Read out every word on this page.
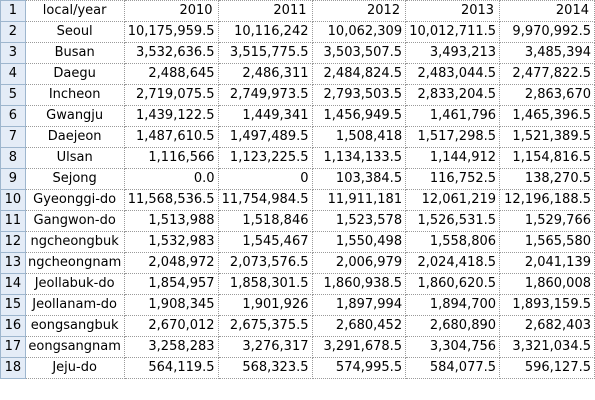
1	local/year	2010	2011	2012	2013	2014
2	Seoul	10,175,959.5	10,116,242	10,062,309	10,012,711.5	9,970,992.5
3	Busan	3,532,636.5	3,515,775.5	3,503,507.5	3,493,213	3,485,394
4	Daegu	2,488,645	2,486,311	2,484,824.5	2,483,044.5	2,477,822.5
5	Incheon	2,719,075.5	2,749,973.5	2,793,503.5	2,833,204.5	2,863,670
6	Gwangju	1,439,122.5	1,449,341	1,456,949.5	1,461,796	1,465,396.5
7	Daejeon	1,487,610.5	1,497,489.5	1,508,418	1,517,298.5	1,521,389.5
8	Ulsan	1,116,566	1,123,225.5	1,134,133.5	1,144,912	1,154,816.5
9	Sejong	0.0	0	103,384.5	116,752.5	138,270.5
10	Gyeonggi-do	11,568,536.5	11,754,984.5	11,911,181	12,061,219	12,196,188.5
11	Gangwon-do	1,513,988	1,518,846	1,523,578	1,526,531.5	1,529,766
12	ngcheongbuk	1,532,983	1,545,467	1,550,498	1,558,806	1,565,580
13	ngcheongnam	2,048,972	2,073,576.5	2,006,979	2,024,418.5	2,041,139
14	Jeollabuk-do	1,854,957	1,858,301.5	1,860,938.5	1,860,620.5	1,860,008
15	Jeollanam-do	1,908,345	1,901,926	1,897,994	1,894,700	1,893,159.5
16	eongsangbuk	2,670,012	2,675,375.5	2,680,452	2,680,890	2,682,403
17	eongsangnam	3,258,283	3,276,317	3,291,678.5	3,304,756	3,321,034.5
18	Jeju-do	564,119.5	568,323.5	574,995.5	584,077.5	596,127.5
